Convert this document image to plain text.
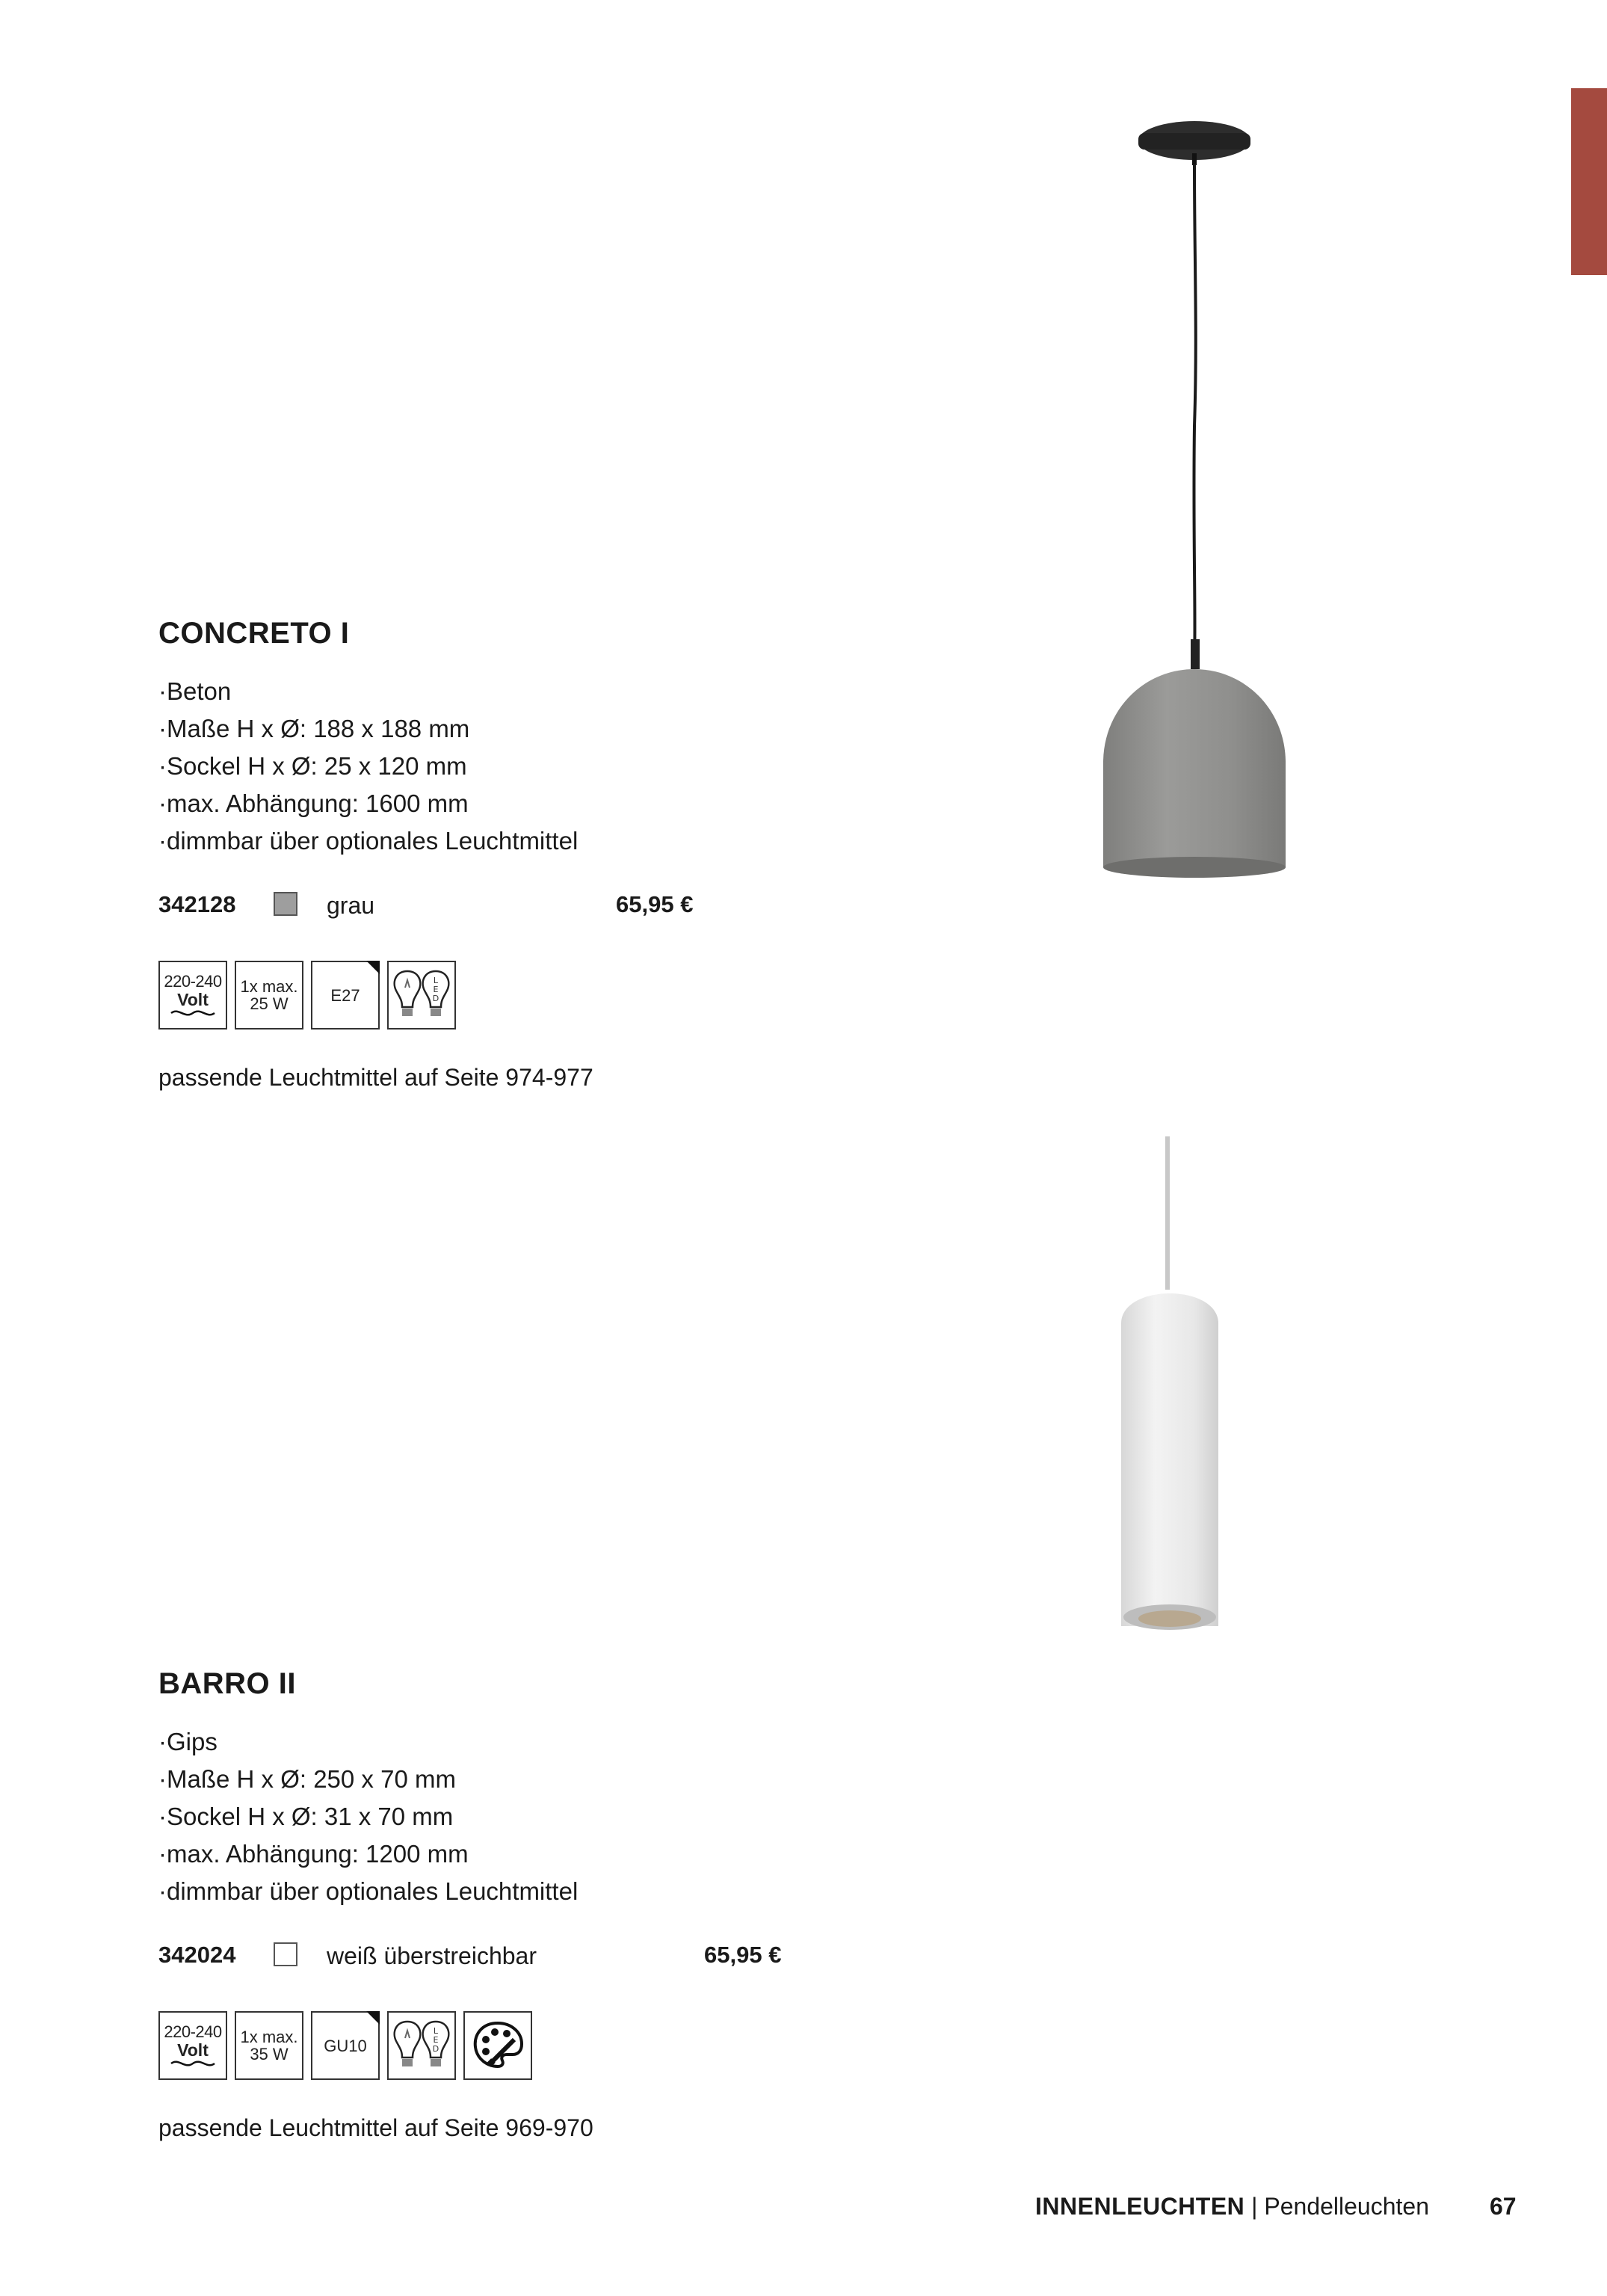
CONCRETO I
· Beton
· Maße H x Ø: 188 x 188 mm
· Sockel H x Ø: 25 x 120 mm
· max. Abhängung: 1600 mm
· dimmbar über optionales Leuchtmittel
342128	grau	65,95 €
220-240
Volt
1x max.
25 W	E27
L
E
D
passende Leuchtmittel auf Seite 974-977
BARRO II
· Gips
· Maße H x Ø: 250 x 70 mm
· Sockel H x Ø: 31 x 70 mm
· max. Abhängung: 1200 mm
· dimmbar über optionales Leuchtmittel
342024	weiß überstreichbar	65,95 €
220-240
Volt
1x max.
35 W GU10
L
E
D
passende Leuchtmittel auf Seite 969-970
INNENLEUCHTEN | Pendelleuchten	67
